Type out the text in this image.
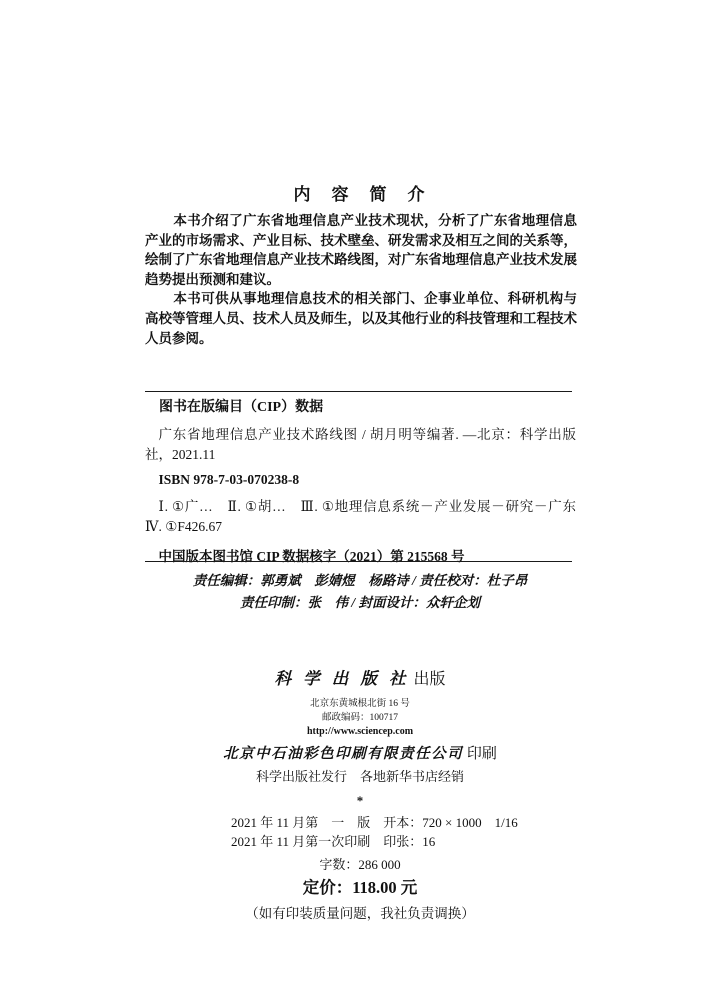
内　容　简　介

本书介绍了广东省地理信息产业技术现状，分析了广东省地理信息产业的市场需求、产业目标、技术壁垒、研发需求及相互之间的关系等，绘制了广东省地理信息产业技术路线图，对广东省地理信息产业技术发展趋势提出预测和建议。

本书可供从事地理信息技术的相关部门、企事业单位、科研机构与高校等管理人员、技术人员及师生，以及其他行业的科技管理和工程技术人员参阅。

图书在版编目（CIP）数据
广东省地理信息产业技术路线图 / 胡月明等编著. —北京：科学出版社，2021.11
ISBN 978-7-03-070238-8
Ⅰ. ①广…　Ⅱ. ①胡…　Ⅲ. ①地理信息系统－产业发展－研究－广东　Ⅳ. ①F426.67
中国版本图书馆 CIP 数据核字（2021）第 215568 号
责任编辑：郭勇斌　彭婧煜　杨路诗 / 责任校对：杜子昂
责任印制：张　伟 / 封面设计：众轩企划
科 学 出 版 社 出版
北京东黄城根北街 16 号
邮政编码：100717
http://www.sciencep.com
北京中石油彩色印刷有限责任公司 印刷
科学出版社发行　各地新华书店经销
*
2021 年 11 月第　一　版　开本：720 × 1000　1/16
2021 年 11 月第一次印刷　印张：16
字数：286 000
定价：118.00 元
（如有印装质量问题，我社负责调换）
